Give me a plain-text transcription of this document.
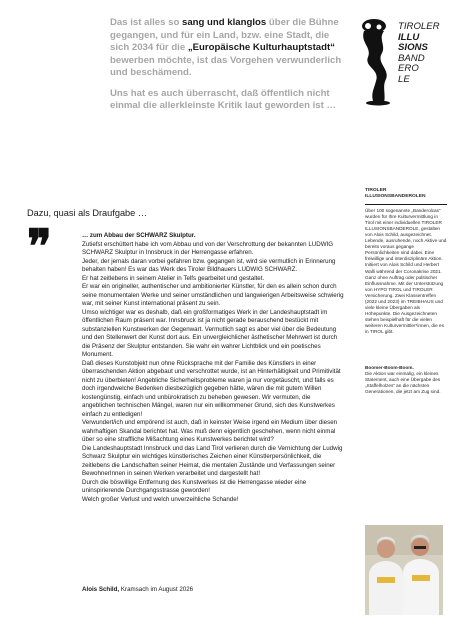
Das ist alles so sang und klanglos über die Bühne gegangen, und für ein Land, bzw. eine Stadt, die sich 2034 für die „Europäische Kulturhauptstadt“ bewerben möchte, ist das Vorgehen verwunderlich und beschämend.

Uns hat es auch überrascht, daß öffentlich nicht einmal die allerkleinste Kritik laut geworden ist …

TIROLER
ILLU
SIONS
BAND
ERO
LE
Dazu, quasi als Draufgabe …
❞	… zum Abbau der SCHWARZ Skulptur.

Zutiefst erschüttert habe ich vom Abbau und von der Verschrottung der bekannten LUDWIG SCHWARZ Skulptur in Innsbruck in der Herrengasse erfahren.

Jeder, der jemals daran vorbei gefahren bzw. gegangen ist, wird sie vermutlich in Erinnerung behalten haben! Es war das Werk des Tiroler Bildhauers LUDWIG SCHWARZ.

Er hat zeitlebens in seinem Atelier in Telfs gearbeitet und gestaltet.

Er war ein origineller, authentischer und ambitionierter Künstler, für den es allein schon durch seine monumentalen Werke und seiner umständlichen und langwierigen Arbeitsweise schwierig war, mit seiner Kunst international präsent zu sein.

Umso wichtiger war es deshalb, daß ein großformatiges Werk in der Landeshauptstadt im öffentlichen Raum präsent war. Innsbruck ist ja nicht gerade berauschend bestückt mit substanziellen Kunstwerken der Gegenwart. Vermutlich sagt es aber viel über die Bedeutung und den Stellenwert der Kunst dort aus. Ein unvergleichlicher ästhetischer Mehrwert ist durch die Präsenz der Skulptur entstanden. Sie wahr ein wahrer Lichtblick und ein poetisches Monument.

Daß dieses Kunstobjekt nun ohne Rücksprache mit der Familie des Künstlers in einer überraschenden Aktion abgebaut und verschrottet wurde, ist an Hinterhältigkeit und Primitivität nicht zu überbieten! Angebliche Sicherheitsprobleme waren ja nur vorgetäuscht, und falls es doch irgendwelche Bedenken diesbezüglich gegeben hätte, wären die mit gutem Willen kostengünstig, einfach und unbürokratisch zu beheben gewesen. Wir vermuten, die angeblichen technischen Mängel, waren nur ein willkommener Grund, sich des Kunstwerkes einfach zu entledigen!

Verwundert/ich und empörend ist auch, daß in keinster Weise irgend ein Medium über diesen wahrhaftigen Skandal berichtet hat. Was muß denn eigentlich geschehen, wenn nicht einmal über so eine straffliche Mißachtung eines Kunstwerkes berichtet wird?

Die Landeshauptstadt Innsbruck und das Land Tirol verlieren durch die Vernichtung der Ludwig Schwarz Skulptur ein wichtiges künstlerisches Zeichen einer Künstlerpersönlichkeit, die zeitlebens die Landschaften seiner Heimat, die mentalen Zustände und Verfassungen seiner BewohnerInnen in seinen Werken verarbeitet und dargestellt hat!

Durch die böswillige Entfernung des Kunstwerkes ist die Herrengasse wieder eine uninspirierende Durchgangsstrasse geworden!

Welch großer Verlust und welch unverzeihliche Schande!

Alois Schild, Kramsach im August 2026
TIROLER
ILLUSIONSBANDEROLEN
Über 100 sogenannte „Banderolcas“ wurden für Ihre Kulturvermittlung in Tirol mit einer individuellen TIROLER ILLUSIONSBANDEROLE, gestalten von Alois Schild, ausgezeichnet. Lebende, ausruhende, noch Aktive und bereits voraus gegange Persönlichkeiten sind dabei. Eine freiwillige und interdisziplinäre Aktion. Initiiert von Alois Schild und Herbert Walli während der Coronakrise 2021. Ganz ohne Auftrag oder politischer Einflussnahme. Mit der Unterstützung von HYPO TIROL und TIROLER Versicherung. Zwei Klassentreffen (2022 und 2023) im TREIBHAUS und viele kleine Übergaben als Höhepunkte. Die Ausgezeichneten stehen beispielhaft für die vielen weiteren Kulturvermittler*innen, die es in TIROL gibt.
Boomer-Boom-Boom.
Die Aktion war einmalig, ein kleines Statement, auch eine Übergabe des „Staffelholzes“ an die nächsten Generationen, die jetzt am Zug sind.
